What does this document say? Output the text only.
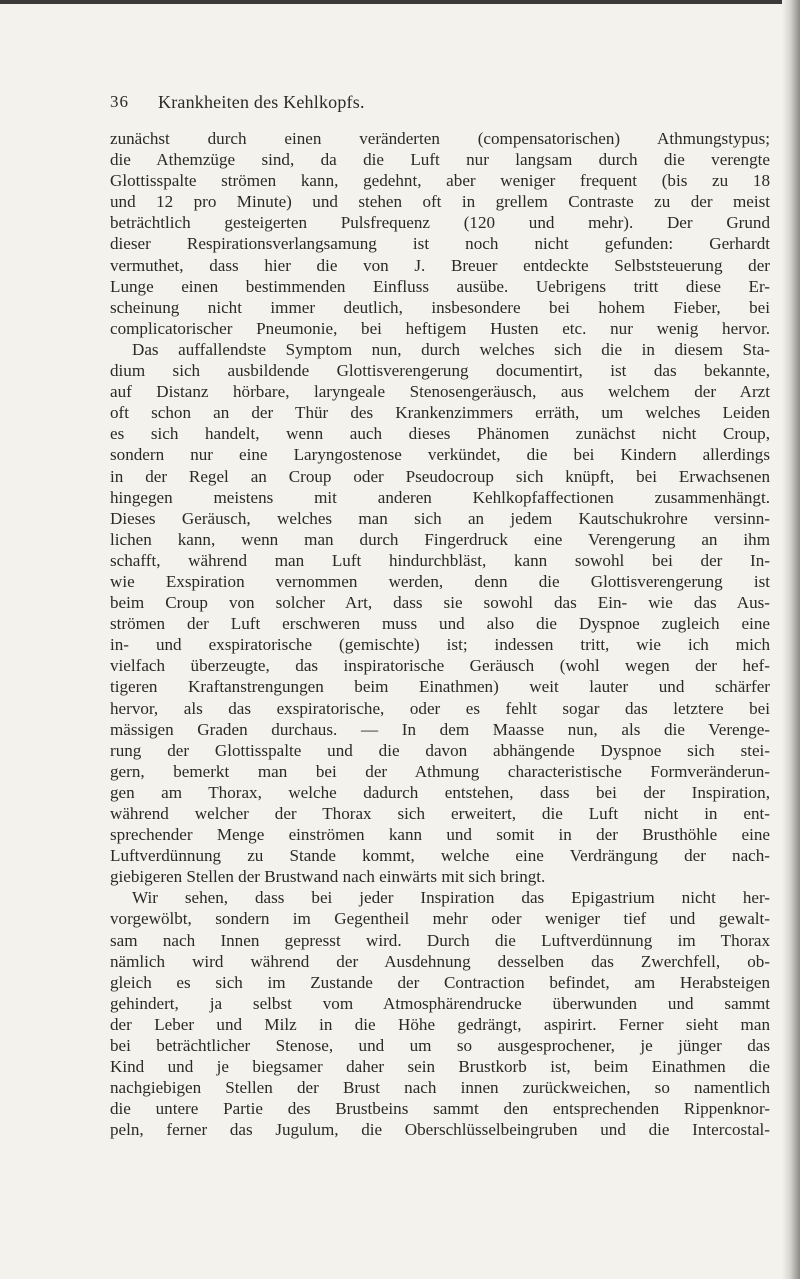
36 Krankheiten des Kehlkopfs.
zunächst durch einen veränderten (compensatorischen) Athmungstypus;
die Athemzüge sind, da die Luft nur langsam durch die verengte
Glottisspalte strömen kann, gedehnt, aber weniger frequent (bis zu 18
und 12 pro Minute) und stehen oft in grellem Contraste zu der meist
beträchtlich gesteigerten Pulsfrequenz (120 und mehr). Der Grund
dieser Respirationsverlangsamung ist noch nicht gefunden: Gerhardt
vermuthet, dass hier die von J. Breuer entdeckte Selbststeuerung der
Lunge einen bestimmenden Einfluss ausübe. Uebrigens tritt diese Er-
scheinung nicht immer deutlich, insbesondere bei hohem Fieber, bei
complicatorischer Pneumonie, bei heftigem Husten etc. nur wenig hervor.
Das auffallendste Symptom nun, durch welches sich die in diesem Sta-
dium sich ausbildende Glottisverengerung documentirt, ist das bekannte,
auf Distanz hörbare, laryngeale Stenosengeräusch, aus welchem der Arzt
oft schon an der Thür des Krankenzimmers erräth, um welches Leiden
es sich handelt, wenn auch dieses Phänomen zunächst nicht Croup,
sondern nur eine Laryngostenose verkündet, die bei Kindern allerdings
in der Regel an Croup oder Pseudocroup sich knüpft, bei Erwachsenen
hingegen meistens mit anderen Kehlkopfaffectionen zusammenhängt.
Dieses Geräusch, welches man sich an jedem Kautschukrohre versinn-
lichen kann, wenn man durch Fingerdruck eine Verengerung an ihm
schafft, während man Luft hindurchbläst, kann sowohl bei der In-
wie Exspiration vernommen werden, denn die Glottisverengerung ist
beim Croup von solcher Art, dass sie sowohl das Ein- wie das Aus-
strömen der Luft erschweren muss und also die Dyspnoe zugleich eine
in- und exspiratorische (gemischte) ist; indessen tritt, wie ich mich
vielfach überzeugte, das inspiratorische Geräusch (wohl wegen der hef-
tigeren Kraftanstrengungen beim Einathmen) weit lauter und schärfer
hervor, als das exspiratorische, oder es fehlt sogar das letztere bei
mässigen Graden durchaus. — In dem Maasse nun, als die Verenge-
rung der Glottisspalte und die davon abhängende Dyspnoe sich stei-
gern, bemerkt man bei der Athmung characteristische Formveränderun-
gen am Thorax, welche dadurch entstehen, dass bei der Inspiration,
während welcher der Thorax sich erweitert, die Luft nicht in ent-
sprechender Menge einströmen kann und somit in der Brusthöhle eine
Luftverdünnung zu Stande kommt, welche eine Verdrängung der nach-
giebigeren Stellen der Brustwand nach einwärts mit sich bringt.
Wir sehen, dass bei jeder Inspiration das Epigastrium nicht her-
vorgewölbt, sondern im Gegentheil mehr oder weniger tief und gewalt-
sam nach Innen gepresst wird. Durch die Luftverdünnung im Thorax
nämlich wird während der Ausdehnung desselben das Zwerchfell, ob-
gleich es sich im Zustande der Contraction befindet, am Herabsteigen
gehindert, ja selbst vom Atmosphärendrucke überwunden und sammt
der Leber und Milz in die Höhe gedrängt, aspirirt. Ferner sieht man
bei beträchtlicher Stenose, und um so ausgesprochener, je jünger das
Kind und je biegsamer daher sein Brustkorb ist, beim Einathmen die
nachgiebigen Stellen der Brust nach innen zurückweichen, so namentlich
die untere Partie des Brustbeins sammt den entsprechenden Rippenknor-
peln, ferner das Jugulum, die Oberschlüsselbeingruben und die Intercostal-
